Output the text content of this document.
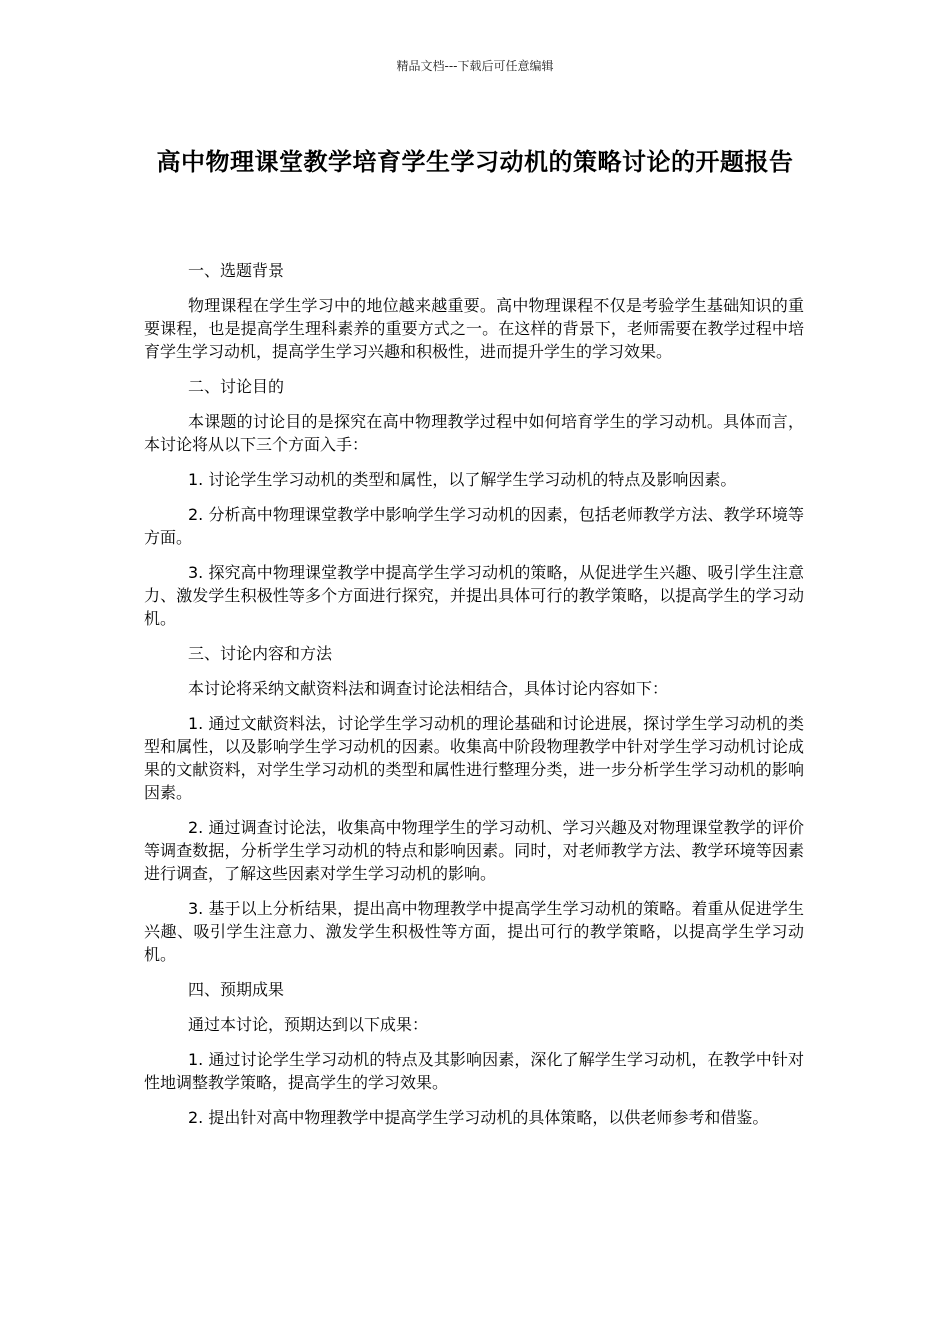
精品文档---下载后可任意编辑
高中物理课堂教学培育学生学习动机的策略讨论的开题报告

一、选题背景

物理课程在学生学习中的地位越来越重要。高中物理课程不仅是考验学生基础知识的重要课程，也是提高学生理科素养的重要方式之一。在这样的背景下，老师需要在教学过程中培育学生学习动机，提高学生学习兴趣和积极性，进而提升学生的学习效果。

二、讨论目的

本课题的讨论目的是探究在高中物理教学过程中如何培育学生的学习动机。具体而言，本讨论将从以下三个方面入手：

1. 讨论学生学习动机的类型和属性，以了解学生学习动机的特点及影响因素。

2. 分析高中物理课堂教学中影响学生学习动机的因素，包括老师教学方法、教学环境等方面。

3. 探究高中物理课堂教学中提高学生学习动机的策略，从促进学生兴趣、吸引学生注意力、激发学生积极性等多个方面进行探究，并提出具体可行的教学策略，以提高学生的学习动机。

三、讨论内容和方法

本讨论将采纳文献资料法和调查讨论法相结合，具体讨论内容如下：

1. 通过文献资料法，讨论学生学习动机的理论基础和讨论进展，探讨学生学习动机的类型和属性，以及影响学生学习动机的因素。收集高中阶段物理教学中针对学生学习动机讨论成果的文献资料，对学生学习动机的类型和属性进行整理分类，进一步分析学生学习动机的影响因素。

2. 通过调查讨论法，收集高中物理学生的学习动机、学习兴趣及对物理课堂教学的评价等调查数据，分析学生学习动机的特点和影响因素。同时，对老师教学方法、教学环境等因素进行调查，了解这些因素对学生学习动机的影响。

3. 基于以上分析结果，提出高中物理教学中提高学生学习动机的策略。着重从促进学生兴趣、吸引学生注意力、激发学生积极性等方面，提出可行的教学策略，以提高学生学习动机。

四、预期成果

通过本讨论，预期达到以下成果：

1. 通过讨论学生学习动机的特点及其影响因素，深化了解学生学习动机，在教学中针对性地调整教学策略，提高学生的学习效果。

2. 提出针对高中物理教学中提高学生学习动机的具体策略，以供老师参考和借鉴。
